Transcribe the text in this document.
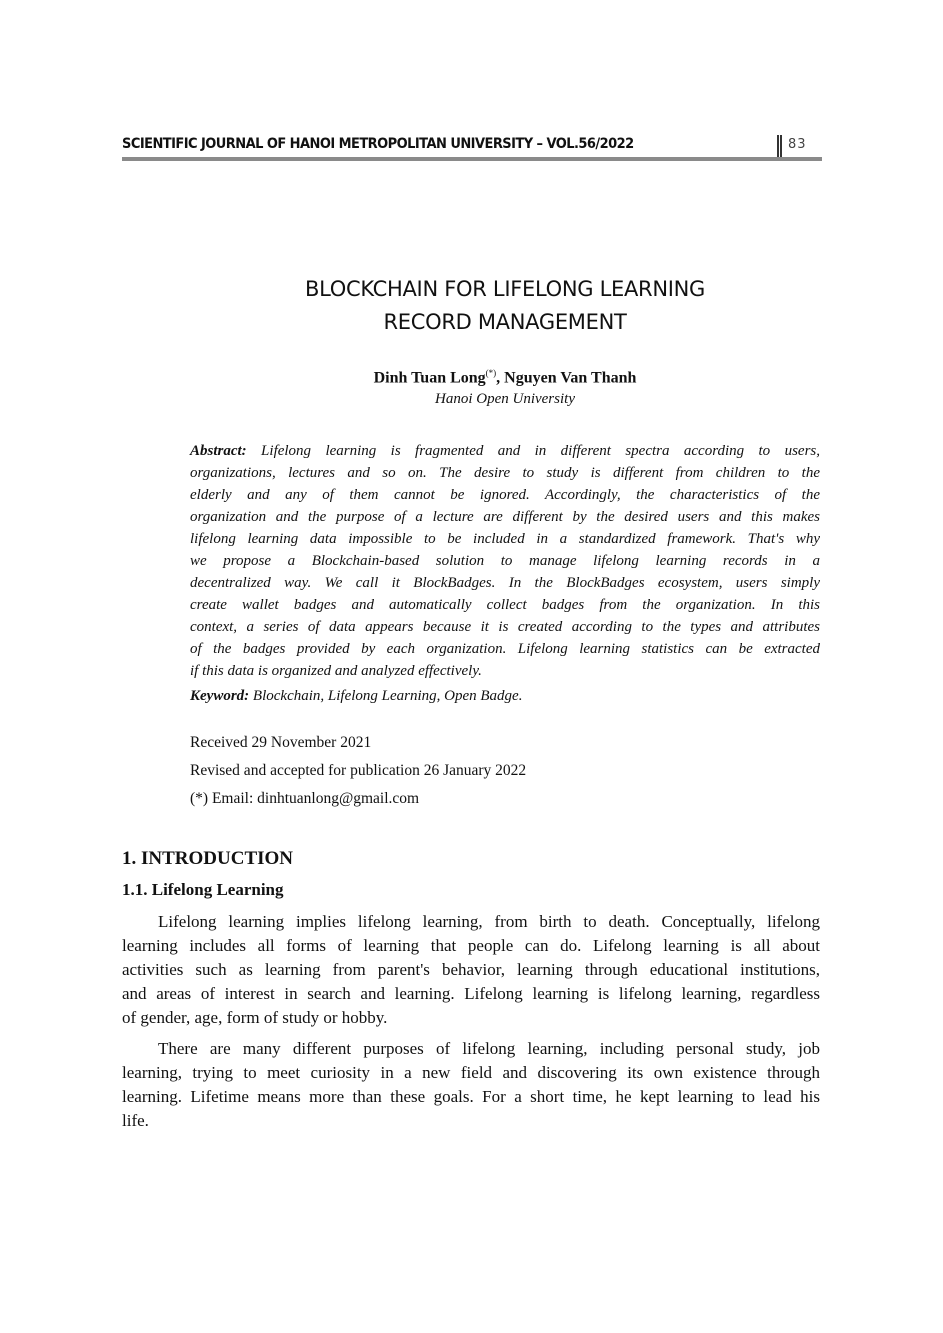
SCIENTIFIC JOURNAL OF HANOI METROPOLITAN UNIVERSITY – VOL.56/2022	83
BLOCKCHAIN FOR LIFELONG LEARNING
RECORD MANAGEMENT
Dinh Tuan Long(*), Nguyen Van Thanh
Hanoi Open University
Abstract: Lifelong learning is fragmented and in different spectra according to users,
organizations, lectures and so on. The desire to study is different from children to the
elderly and any of them cannot be ignored. Accordingly, the characteristics of the
organization and the purpose of a lecture are different by the desired users and this makes
lifelong learning data impossible to be included in a standardized framework. That's why
we propose a Blockchain-based solution to manage lifelong learning records in a
decentralized way. We call it BlockBadges. In the BlockBadges ecosystem, users simply
create wallet badges and automatically collect badges from the organization. In this
context, a series of data appears because it is created according to the types and attributes
of the badges provided by each organization. Lifelong learning statistics can be extracted
if this data is organized and analyzed effectively.
Keyword: Blockchain, Lifelong Learning, Open Badge.
Received 29 November 2021
Revised and accepted for publication 26 January 2022
(*) Email: dinhtuanlong@gmail.com
1. INTRODUCTION
1.1. Lifelong Learning
Lifelong learning implies lifelong learning, from birth to death. Conceptually, lifelong
learning includes all forms of learning that people can do. Lifelong learning is all about
activities such as learning from parent's behavior, learning through educational institutions,
and areas of interest in search and learning. Lifelong learning is lifelong learning, regardless
of gender, age, form of study or hobby.
There are many different purposes of lifelong learning, including personal study, job
learning, trying to meet curiosity in a new field and discovering its own existence through
learning. Lifetime means more than these goals. For a short time, he kept learning to lead his
life.
